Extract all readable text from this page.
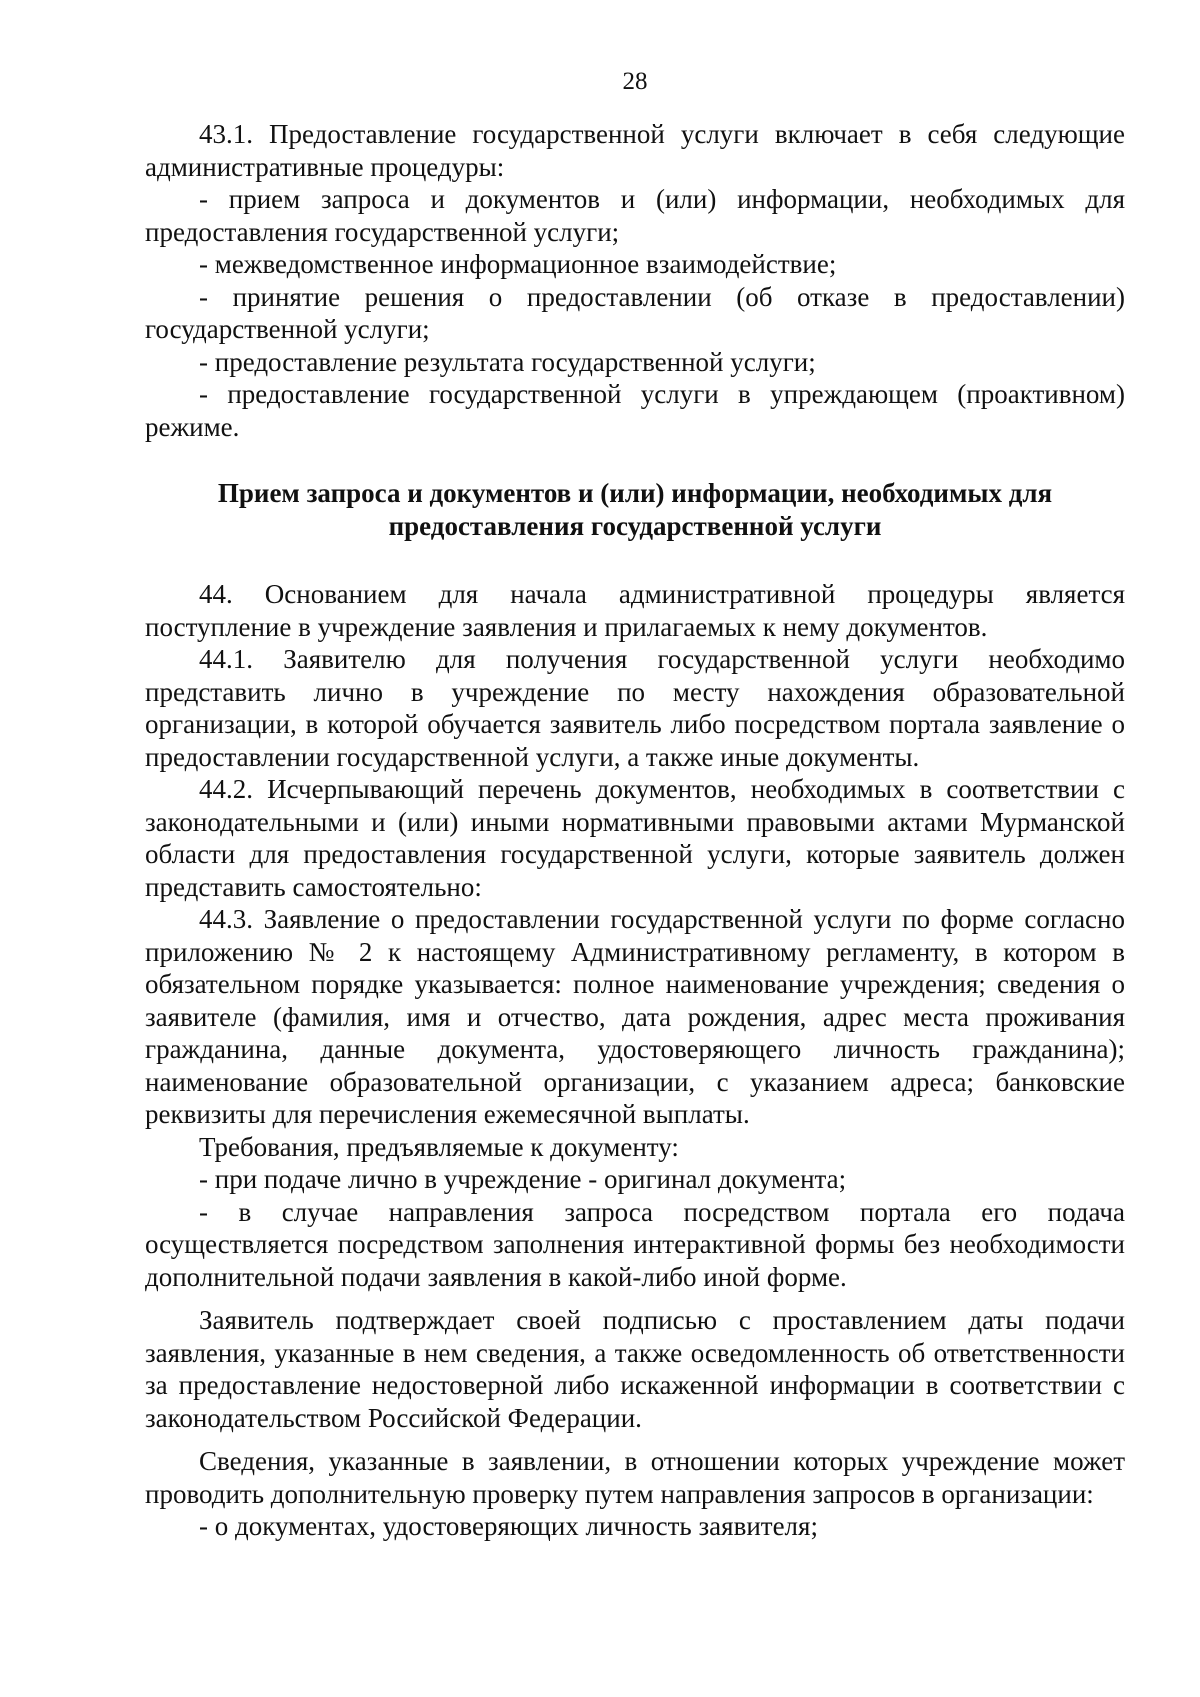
28

43.1. Предоставление государственной услуги включает в себя следующие административные процедуры:

- прием запроса и документов и (или) информации, необходимых для предоставления государственной услуги;

- межведомственное информационное взаимодействие;

- принятие решения о предоставлении (об отказе в предоставлении) государственной услуги;

- предоставление результата государственной услуги;

- предоставление государственной услуги в упреждающем (проактивном) режиме.

Прием запроса и документов и (или) информации, необходимых для предоставления государственной услуги

44. Основанием для начала административной процедуры является поступление в учреждение заявления и прилагаемых к нему документов.

44.1. Заявителю для получения государственной услуги необходимо представить лично в учреждение по месту нахождения образовательной организации, в которой обучается заявитель либо посредством портала заявление о предоставлении государственной услуги, а также иные документы.

44.2. Исчерпывающий перечень документов, необходимых в соответствии с законодательными и (или) иными нормативными правовыми актами Мурманской области для предоставления государственной услуги, которые заявитель должен представить самостоятельно:

44.3. Заявление о предоставлении государственной услуги по форме согласно приложению № 2 к настоящему Административному регламенту, в котором в обязательном порядке указывается: полное наименование учреждения; сведения о заявителе (фамилия, имя и отчество, дата рождения, адрес места проживания гражданина, данные документа, удостоверяющего личность гражданина); наименование образовательной организации, с указанием адреса; банковские реквизиты для перечисления ежемесячной выплаты.

Требования, предъявляемые к документу:

- при подаче лично в учреждение - оригинал документа;

- в случае направления запроса посредством портала его подача осуществляется посредством заполнения интерактивной формы без необходимости дополнительной подачи заявления в какой-либо иной форме.

Заявитель подтверждает своей подписью с проставлением даты подачи заявления, указанные в нем сведения, а также осведомленность об ответственности за предоставление недостоверной либо искаженной информации в соответствии с законодательством Российской Федерации.

Сведения, указанные в заявлении, в отношении которых учреждение может проводить дополнительную проверку путем направления запросов в организации:

- о документах, удостоверяющих личность заявителя;
